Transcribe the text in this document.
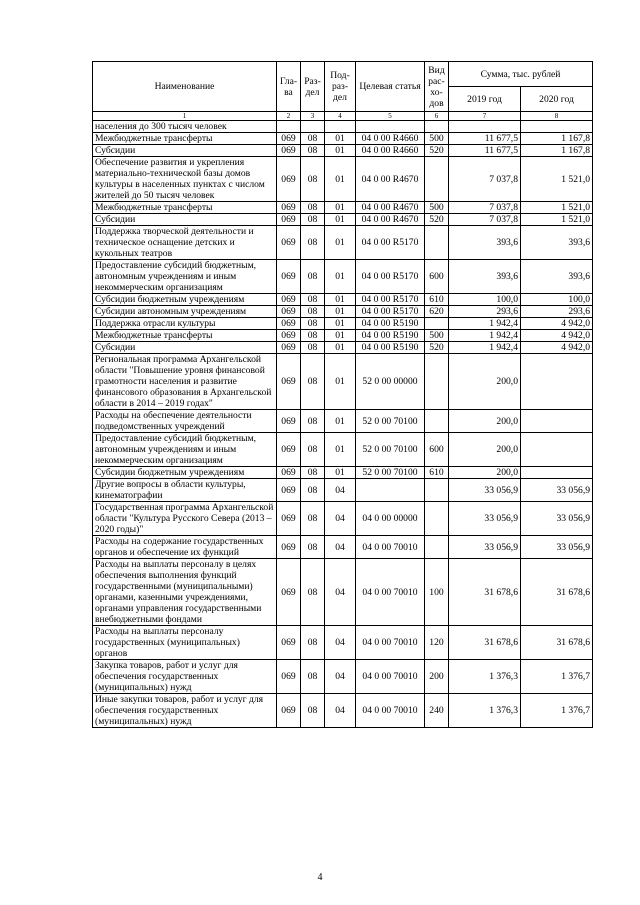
Наименование	Гла-ва	Раз-дел	Под-раз-дел	Целевая статья	Вид рас-хо-дов	Сумма, тыс. рублей	
						2019 год	2020 год
1	2	3	4	5	6	7	8
населения до 300 тысяч человек							
Межбюджетные трансферты	069	08	01	04 0 00 R4660	500	11 677,5	1 167,8
Субсидии	069	08	01	04 0 00 R4660	520	11 677,5	1 167,8
Обеспечение развития и укрепления материально-технической базы домов культуры в населенных пунктах с числом жителей до 50 тысяч человек	069	08	01	04 0 00 R4670		7 037,8	1 521,0
Межбюджетные трансферты	069	08	01	04 0 00 R4670	500	7 037,8	1 521,0
Субсидии	069	08	01	04 0 00 R4670	520	7 037,8	1 521,0
Поддержка творческой деятельности и техническое оснащение детских и кукольных театров	069	08	01	04 0 00 R5170		393,6	393,6
Предоставление субсидий бюджетным, автономным учреждениям и иным некоммерческим организациям	069	08	01	04 0 00 R5170	600	393,6	393,6
Субсидии бюджетным учреждениям	069	08	01	04 0 00 R5170	610	100,0	100,0
Субсидии автономным учреждениям	069	08	01	04 0 00 R5170	620	293,6	293,6
Поддержка отрасли культуры	069	08	01	04 0 00 R5190		1 942,4	4 942,0
Межбюджетные трансферты	069	08	01	04 0 00 R5190	500	1 942,4	4 942,0
Субсидии	069	08	01	04 0 00 R5190	520	1 942,4	4 942,0
Региональная программа Архангельской области "Повышение уровня финансовой грамотности населения и развитие финансового образования в Архангельской области в 2014 – 2019 годах"	069	08	01	52 0 00 00000		200,0	
Расходы на обеспечение деятельности подведомственных учреждений	069	08	01	52 0 00 70100		200,0	
Предоставление субсидий бюджетным, автономным учреждениям и иным некоммерческим организациям	069	08	01	52 0 00 70100	600	200,0	
Субсидии бюджетным учреждениям	069	08	01	52 0 00 70100	610	200,0	
Другие вопросы в области культуры, кинематографии	069	08	04			33 056,9	33 056,9
Государственная программа Архангельской области "Культура Русского Севера (2013 – 2020 годы)"	069	08	04	04 0 00 00000		33 056,9	33 056,9
Расходы на содержание государственных органов и обеспечение их функций	069	08	04	04 0 00 70010		33 056,9	33 056,9
Расходы на выплаты персоналу в целях обеспечения выполнения функций государственными (муниципальными) органами, казенными учреждениями, органами управления государственными внебюджетными фондами	069	08	04	04 0 00 70010	100	31 678,6	31 678,6
Расходы на выплаты персоналу государственных (муниципальных) органов	069	08	04	04 0 00 70010	120	31 678,6	31 678,6
Закупка товаров, работ и услуг для обеспечения государственных (муниципальных) нужд	069	08	04	04 0 00 70010	200	1 376,3	1 376,7
Иные закупки товаров, работ и услуг для обеспечения государственных (муниципальных) нужд	069	08	04	04 0 00 70010	240	1 376,3	1 376,7
4
